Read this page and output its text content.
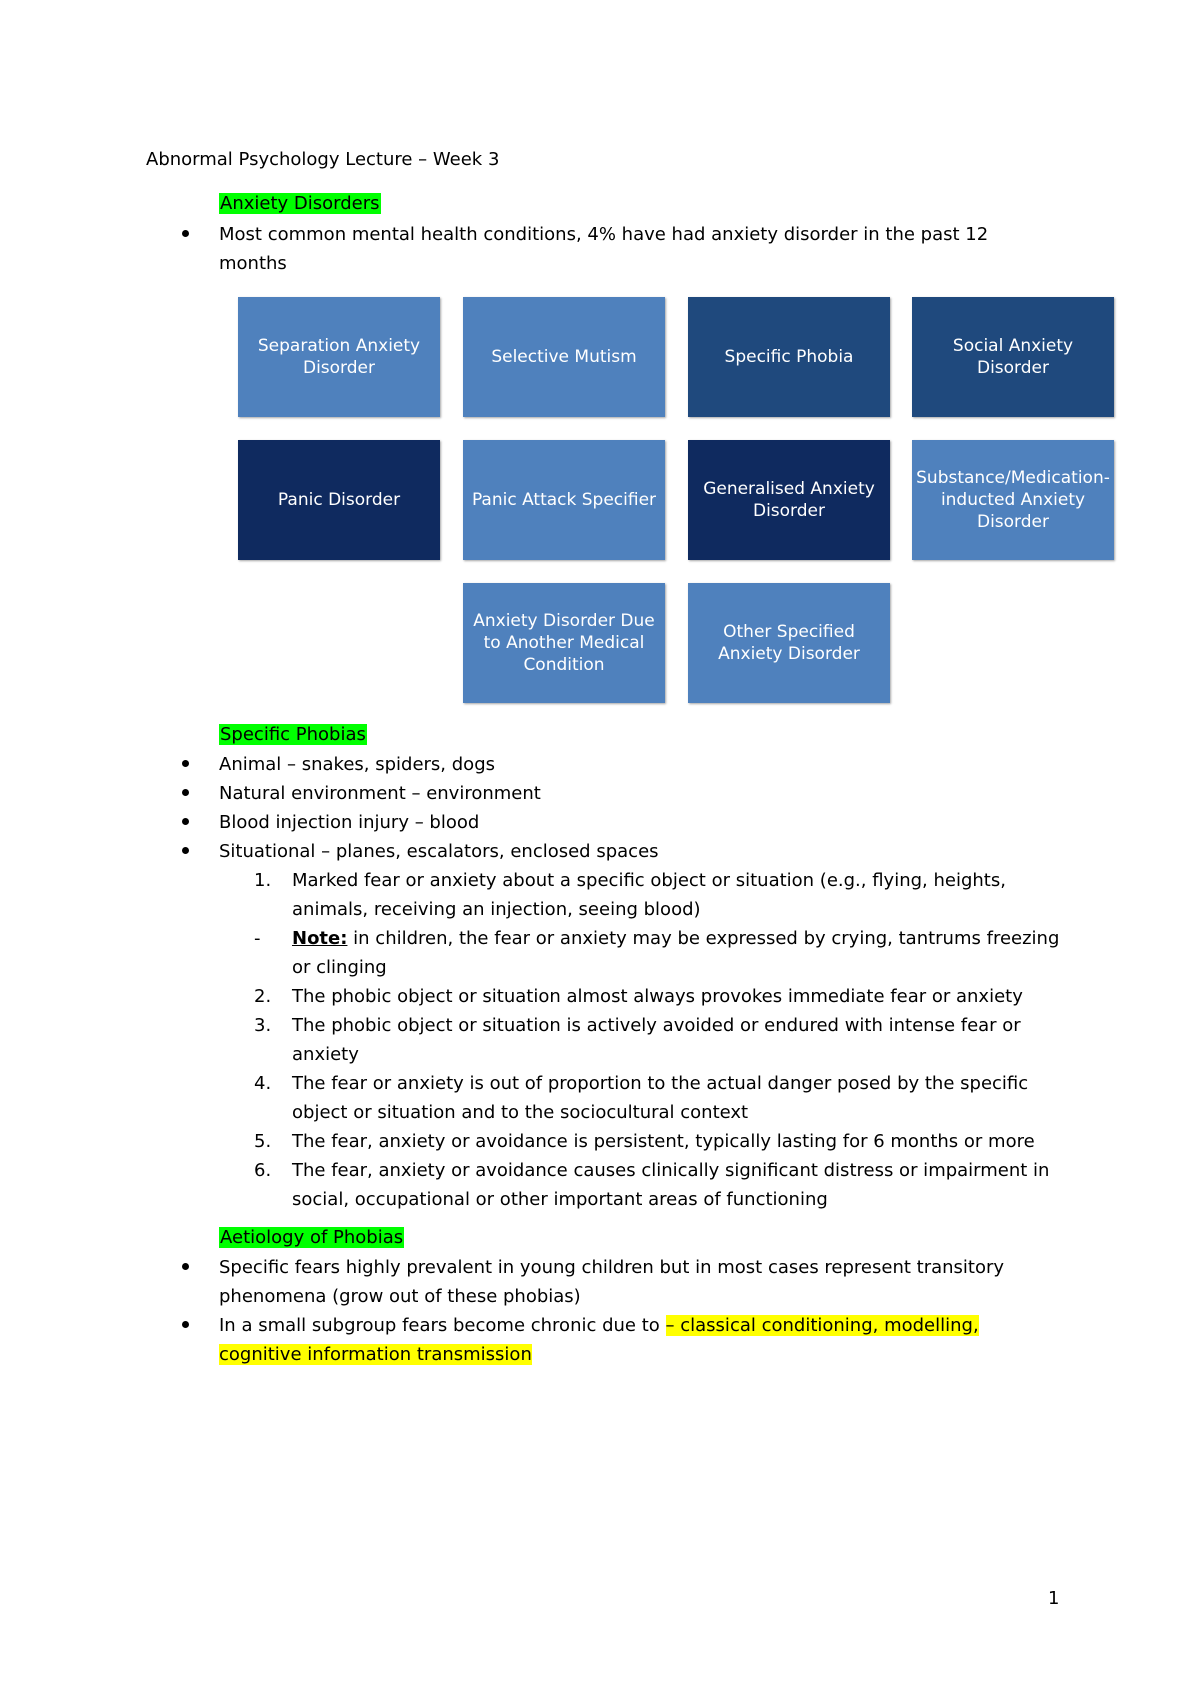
Abnormal Psychology Lecture – Week 3
Anxiety Disorders
Most common mental health conditions, 4% have had anxiety disorder in the past 12
months
Separation Anxiety Disorder
Selective Mutism	Specific Phobia
Social Anxiety Disorder
Panic Disorder	Panic Attack Specifier
Generalised Anxiety Disorder
Substance/Medication-inducted Anxiety Disorder
Anxiety Disorder Due to Another Medical Condition
Other Specified Anxiety Disorder
Specific Phobias
Animal – snakes, spiders, dogs
Natural environment – environment
Blood injection injury – blood
Situational – planes, escalators, enclosed spaces
1. Marked fear or anxiety about a specific object or situation (e.g., flying, heights,
animals, receiving an injection, seeing blood)
- Note: in children, the fear or anxiety may be expressed by crying, tantrums freezing
or clinging
2. The phobic object or situation almost always provokes immediate fear or anxiety
3. The phobic object or situation is actively avoided or endured with intense fear or
anxiety
4. The fear or anxiety is out of proportion to the actual danger posed by the specific
object or situation and to the sociocultural context
5. The fear, anxiety or avoidance is persistent, typically lasting for 6 months or more
6. The fear, anxiety or avoidance causes clinically significant distress or impairment in
social, occupational or other important areas of functioning
Aetiology of Phobias
Specific fears highly prevalent in young children but in most cases represent transitory
phenomena (grow out of these phobias)
In a small subgroup fears become chronic due to – classical conditioning, modelling,
cognitive information transmission
1
